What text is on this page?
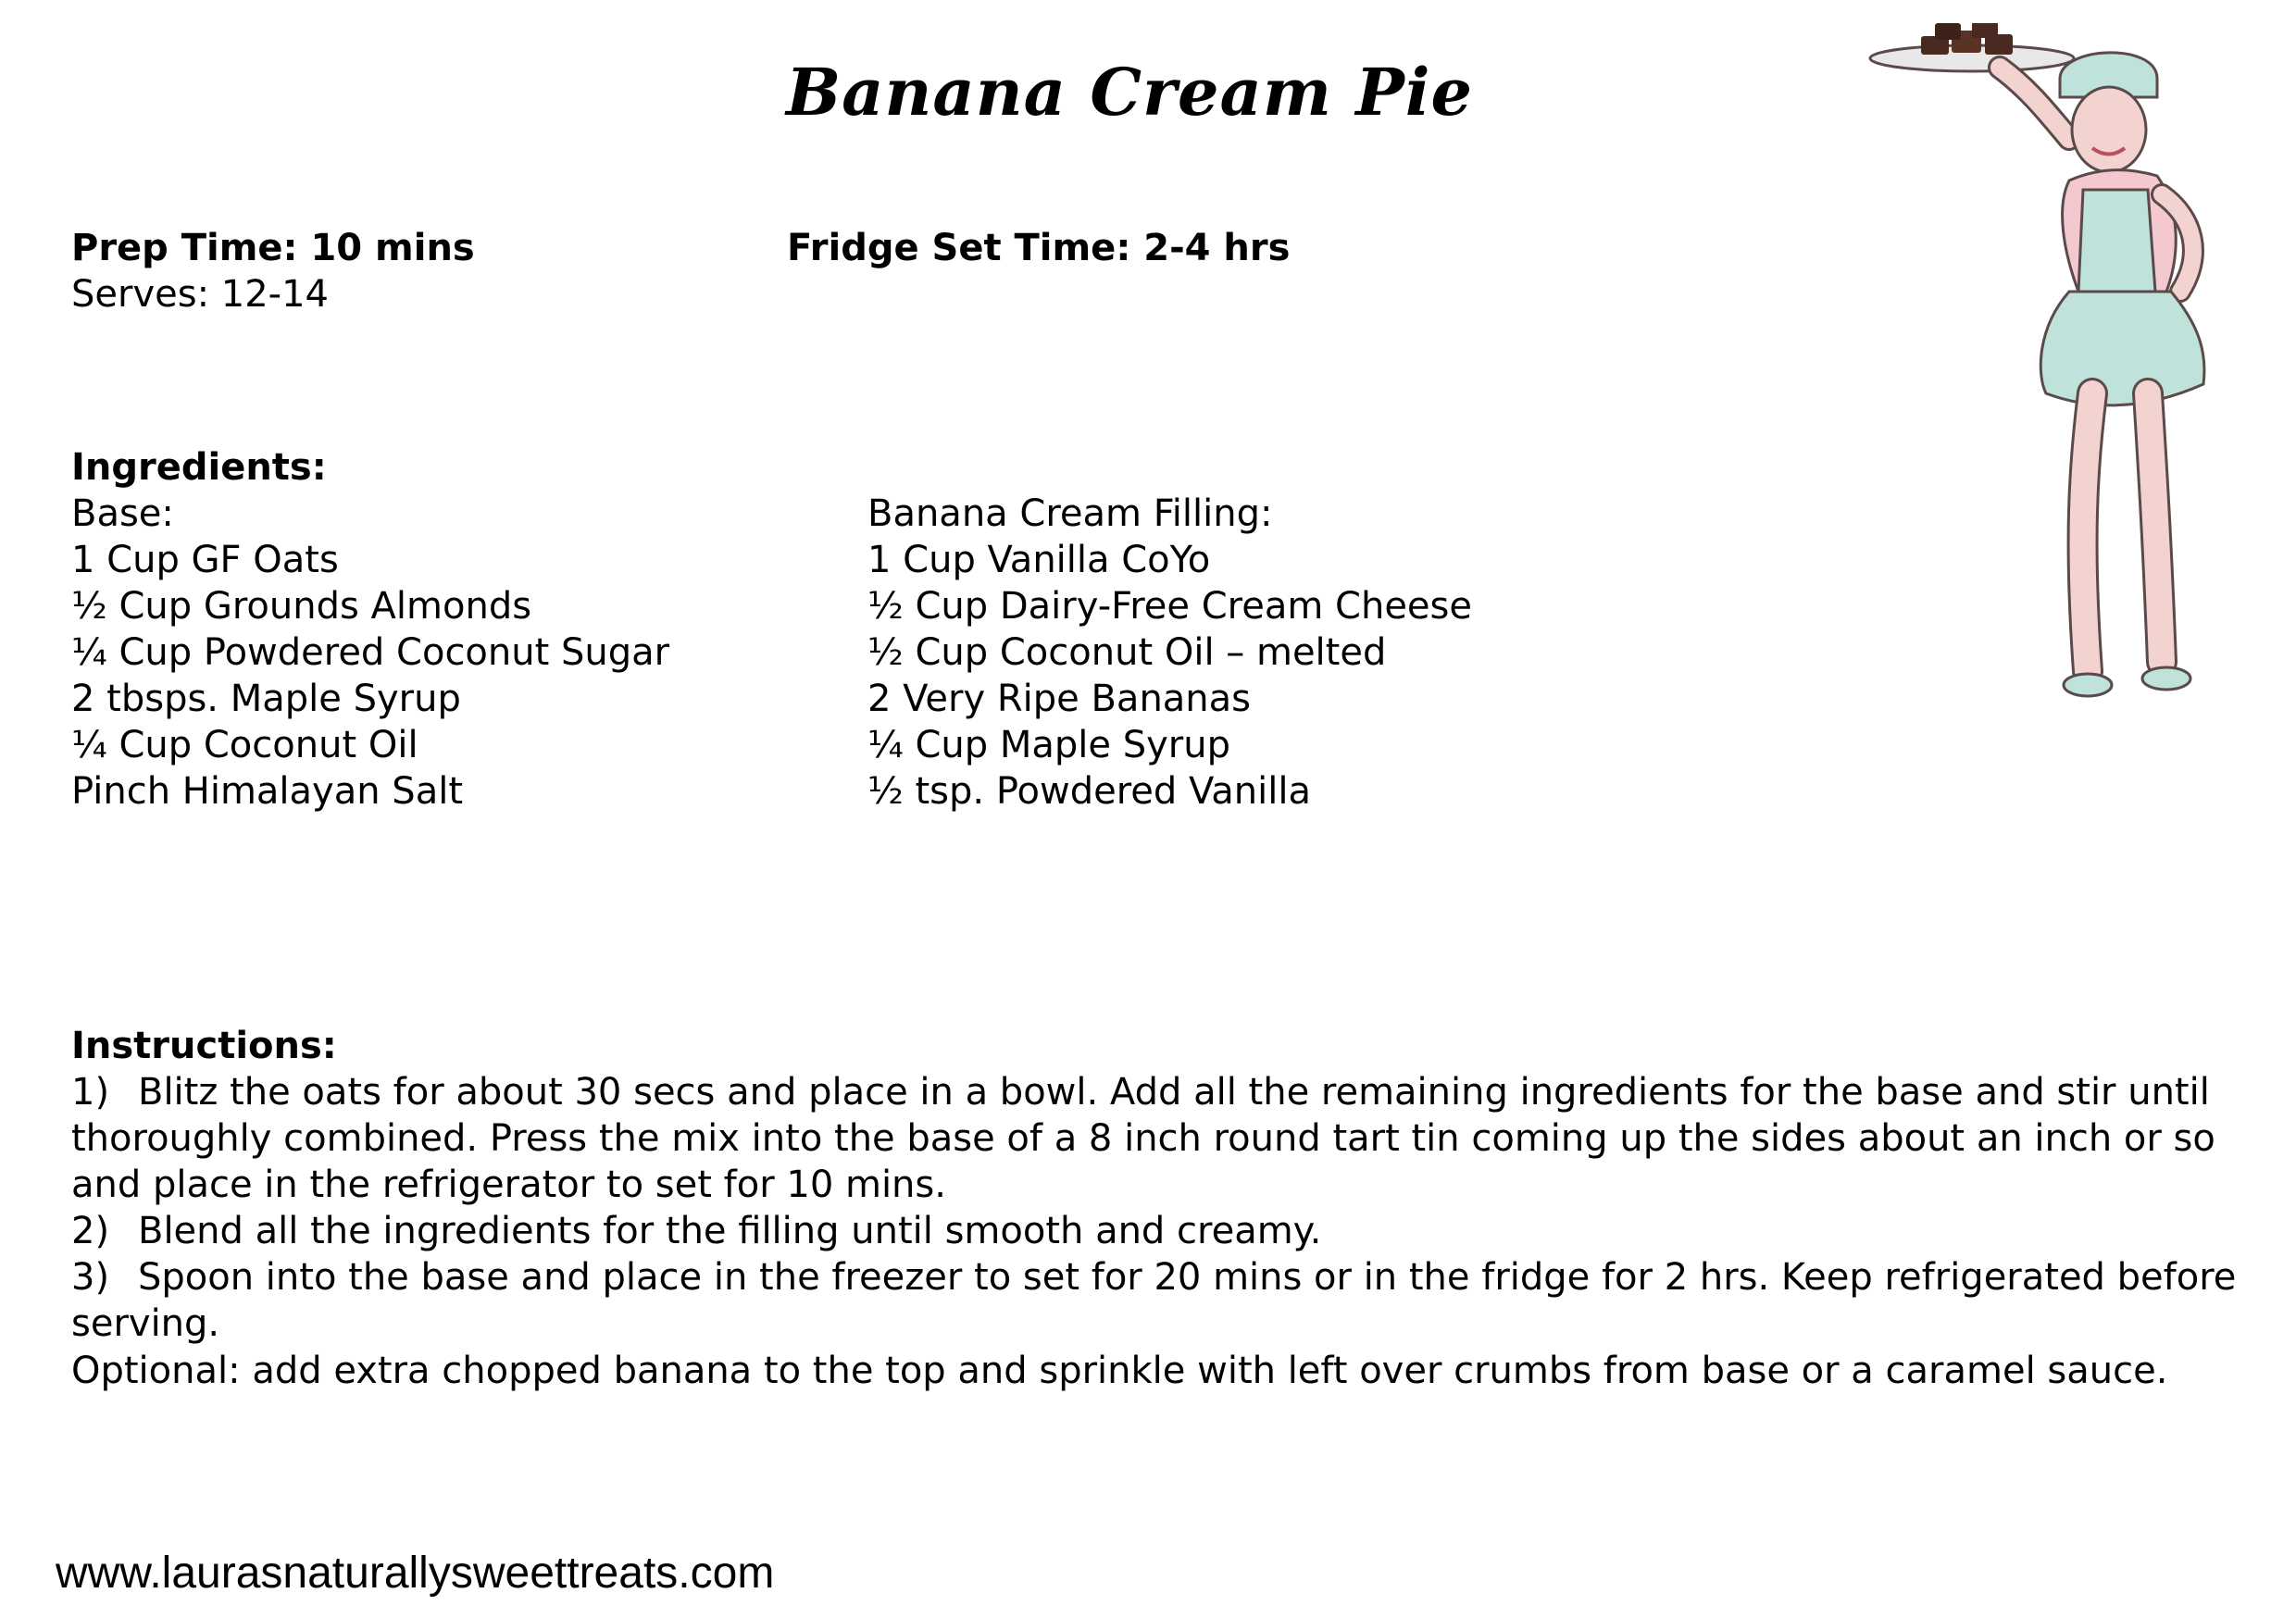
Banana Cream Pie
Prep Time: 10 mins	Fridge Set Time: 2-4 hrs
Serves: 12-14
Ingredients:
Base:
1 Cup GF Oats
½ Cup Grounds Almonds
¼ Cup Powdered Coconut Sugar
2 tbsps. Maple Syrup
¼ Cup Coconut Oil
Pinch Himalayan Salt
Banana Cream Filling:
1 Cup Vanilla CoYo
½ Cup Dairy-Free Cream Cheese
½ Cup Coconut Oil – melted
2 Very Ripe Bananas
¼ Cup Maple Syrup
½ tsp. Powdered Vanilla
Instructions:
1) Blitz the oats for about 30 secs and place in a bowl. Add all the remaining ingredients for the base and stir until thoroughly combined. Press the mix into the base of a 8 inch round tart tin coming up the sides about an inch or so and place in the refrigerator to set for 10 mins.
2) Blend all the ingredients for the filling until smooth and creamy.
3) Spoon into the base and place in the freezer to set for 20 mins or in the fridge for 2 hrs. Keep refrigerated before serving.
Optional: add extra chopped banana to the top and sprinkle with left over crumbs from base or a caramel sauce.
www.laurasnaturallysweettreats.com
